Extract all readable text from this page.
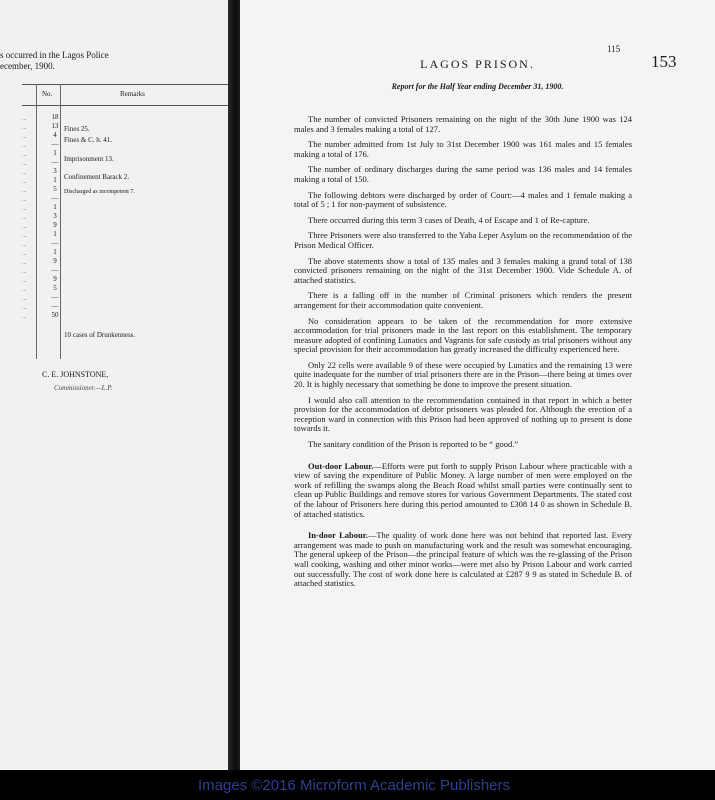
s occurred in the Lagos Police
ecember, 1900.
No.	Remarks
...
...
...
...
...
...
...
...
...
...
...
...
...
...
...
...
...
...
...
...
...
...
...
18
13
4
—
1
—
3
1
5
—
1
3
9
1
—
1
9
—
9
5
—
—
50
Fines 25.
Fines & C. h. 41.
Imprisonment 13.
Confinement Barack 2.
Discharged as incompetent 7.
10 cases of Drunkenness.
C. E. JOHNSTONE,
Commissioner.—L.P.
115
153
LAGOS PRISON.
Report for the Half Year ending December 31, 1900.

The number of convicted Prisoners remaining on the night of the 30th June 1900 was 124 males and 3 females making a total of 127.

The number admitted from 1st July to 31st December 1900 was 161 males and 15 females making a total of 176.

The number of ordinary discharges during the same period was 136 males and 14 females making a total of 150.

The following debtors were discharged by order of Court:—4 males and 1 female making a total of 5 ; 1 for non-payment of subsistence.

There occurred during this term 3 cases of Death, 4 of Escape and 1 of Re-capture.

Three Prisoners were also transferred to the Yaba Leper Asylum on the recommendation of the Prison Medical Officer.

The above statements show a total of 135 males and 3 females making a grand total of 138 convicted prisoners remaining on the night of the 31st December 1900. Vide Schedule A. of attached statistics.

There is a falling off in the number of Criminal prisoners which renders the present arrangement for their accommodation quite convenient.

No consideration appears to be taken of the recommendation for more extensive accommodation for trial prisoners made in the last report on this establishment. The temporary measure adopted of confining Lunatics and Vagrants for safe custody as trial prisoners without any special provision for their accommodation has greatly increased the difficulty experienced here.

Only 22 cells were available 9 of these were occupied by Lunatics and the remaining 13 were quite inadequate for the number of trial prisoners there are in the Prison—there being at times over 20. It is highly necessary that something be done to improve the present situation.

I would also call attention to the recommendation contained in that report in which a better provision for the accommodation of debtor prisoners was pleaded for. Although the erection of a reception ward in connection with this Prison had been approved of nothing up to present is done towards it.

The sanitary condition of the Prison is reported to be “ good.”

Out-door Labour.—Efforts were put forth to supply Prison Labour where practicable with a view of saving the expenditure of Public Money. A large number of men were employed on the work of refilling the swamps along the Beach Road whilst small parties were continually sent to clean up Public Buildings and remove stores for various Government Departments. The stated cost of the labour of Prisoners here during this period amounted to £308 14 0 as shown in Schedule B. of attached statistics.

In-door Labour.—The quality of work done here was not behind that reported last. Every arrangement was made to push on manufacturing work and the result was somewhat encouraging. The general upkeep of the Prison—the principal feature of which was the re-glassing of the Prison wall cooking, washing and other minor works—were met also by Prison Labour and work carried out successfully. The cost of work done here is calculated at £287 9 9 as stated in Schedule B. of attached statistics.

Images ©2016 Microform Academic Publishers
